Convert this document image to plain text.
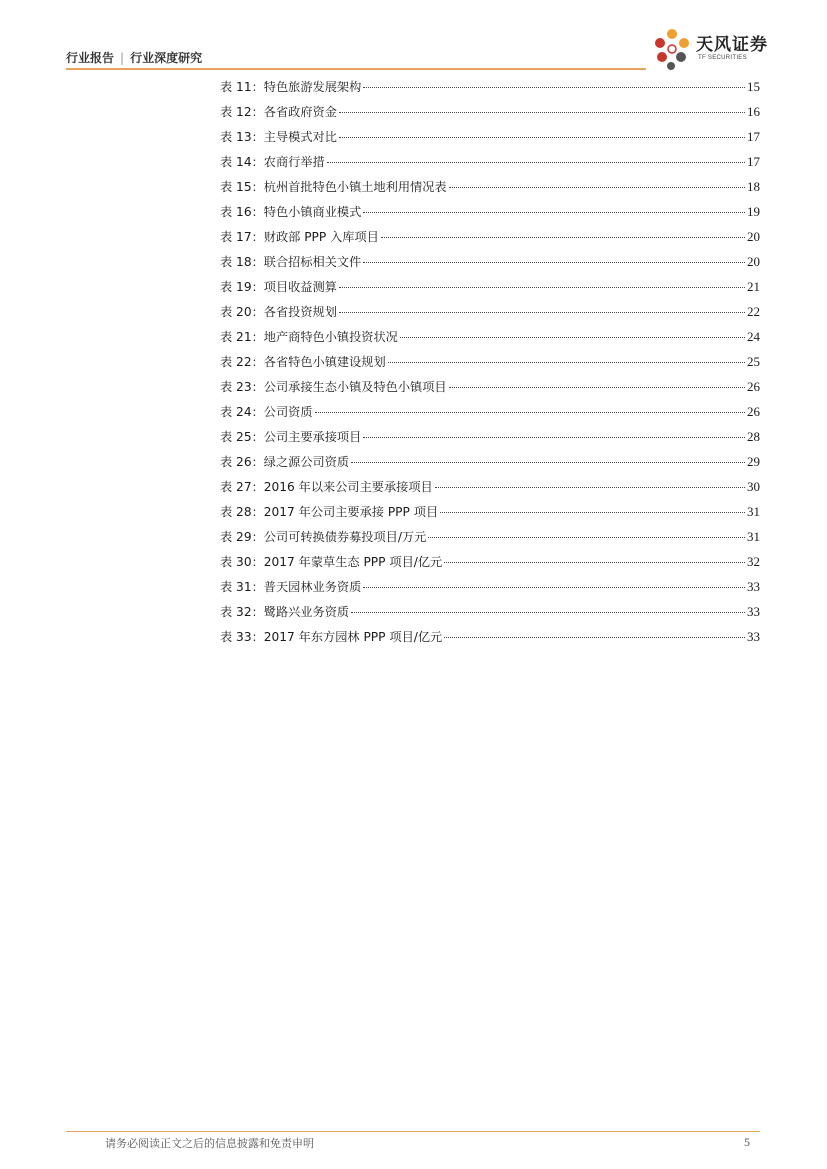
行业报告 | 行业深度研究
天风证券
TF SECURITIES
表 11：特色旅游发展架构	15
表 12：各省政府资金	16
表 13：主导模式对比	17
表 14：农商行举措	17
表 15：杭州首批特色小镇土地利用情况表	18
表 16：特色小镇商业模式	19
表 17：财政部 PPP 入库项目	20
表 18：联合招标相关文件	20
表 19：项目收益测算	21
表 20：各省投资规划	22
表 21：地产商特色小镇投资状况	24
表 22：各省特色小镇建设规划	25
表 23：公司承接生态小镇及特色小镇项目	26
表 24：公司资质	26
表 25：公司主要承接项目	28
表 26：绿之源公司资质	29
表 27：2016 年以来公司主要承接项目	30
表 28：2017 年公司主要承接 PPP 项目	31
表 29：公司可转换债券募投项目/万元	31
表 30：2017 年蒙草生态 PPP 项目/亿元	32
表 31：普天园林业务资质	33
表 32：鹭路兴业务资质	33
表 33：2017 年东方园林 PPP 项目/亿元	33
请务必阅读正文之后的信息披露和免责申明	5
